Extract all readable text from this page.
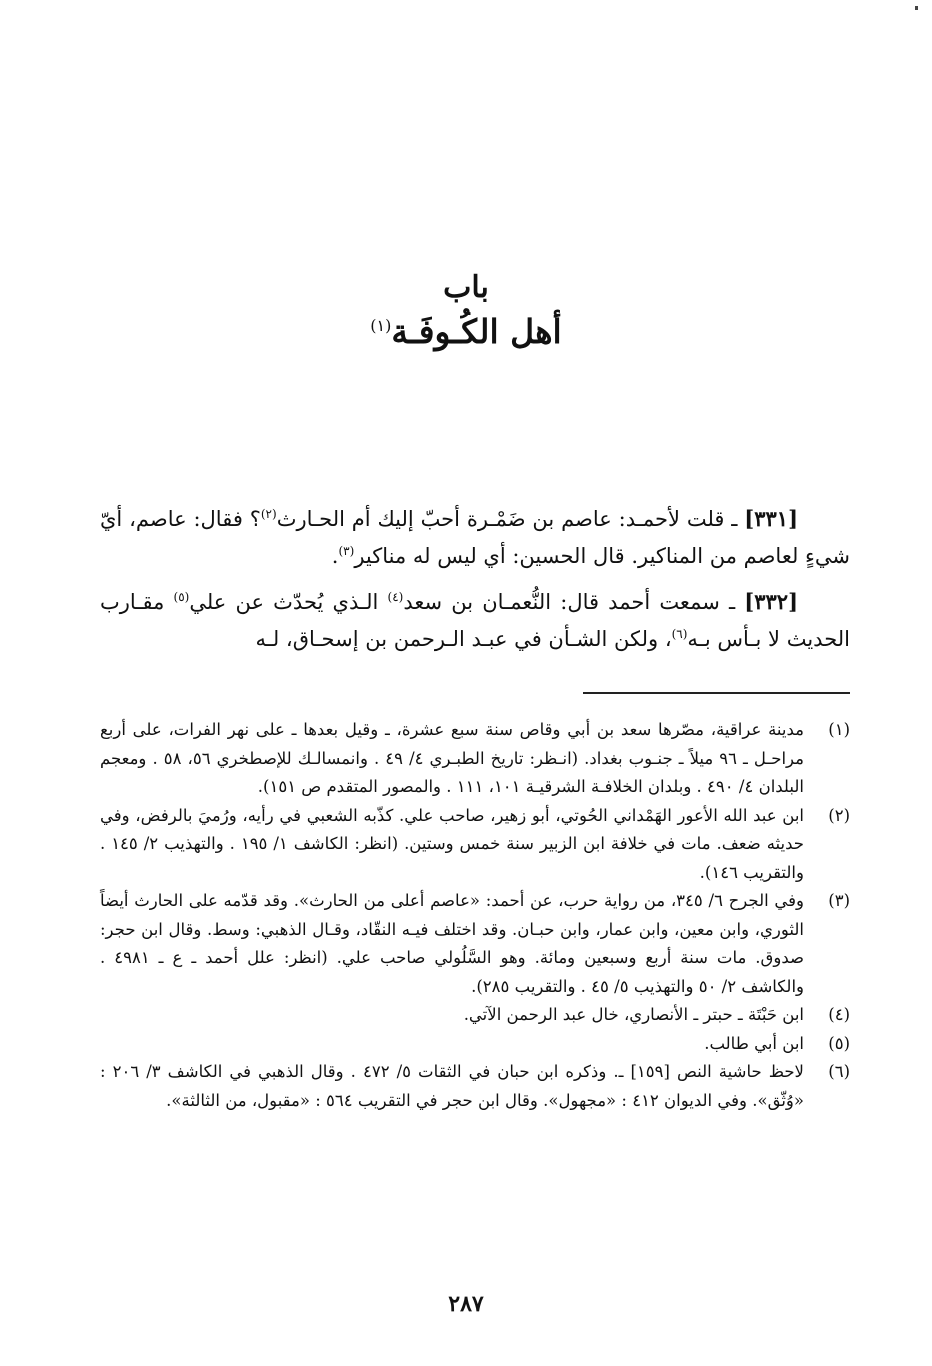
باب
أهل الكُـوفَـة$^{(١)}$

[٣٣١] ـ قلت لأحمـد: عاصم بن ضَمْـرة أحبّ إليك أم الحـارث$^{(٢)}$؟ فقال: عاصم، أيّ شيءٍ لعاصم من المناكير. قال الحسين: أي ليس له مناكير$^{(٣)}$.

[٣٣٢] ـ سمعت أحمد قال: النُّعمـان بن سعد$^{(٤)}$ الـذي يُحدّث عن علي$^{(٥)}$ مقـارب الحديث لا بـأس بـه$^{(٦)}$، ولكن الشـأن في عبـد الـرحمن بن إسحـاق، لـه

(١)
مدينة عراقية، مصّرها سعد بن أبي وقاص سنة سبع عشرة، ـ وقيل بعدها ـ على نهر الفرات، على أربع مراحـل ـ ٩٦ ميلاً ـ جنـوب بغداد. (انـظر: تاريخ الطبـري ٤/ ٤٩ . وانمسالـك للإصطخري ٥٦، ٥٨ . ومعجم البلدان ٤/ ٤٩٠ . وبلدان الخلافـة الشرقيـة ١٠١، ١١١ . والمصور المتقدم ص ١٥١).
(٢)
ابن عبد الله الأعور الهَمْداني الحُوتي، أبو زهير، صاحب علي. كذّبه الشعبي في رأيه، ورُميَ بالرفض، وفي حديثه ضعف. مات في خلافة ابن الزبير سنة خمس وستين. (انظر: الكاشف ١/ ١٩٥ . والتهذيب ٢/ ١٤٥ . والتقريب ١٤٦).
(٣)
وفي الجرح ٦/ ٣٤٥، من رواية حرب، عن أحمد: «عاصم أعلى من الحارث». وقد قدّمه على الحارث أيضاً الثوري، وابن معين، وابن عمار، وابن حبـان. وقد اختلف فيـه النقّاد، وقـال الذهبي: وسط. وقال ابن حجر: صدوق. مات سنة أربع وسبعين ومائة. وهو السَّلُولي صاحب علي. (انظر: علل أحمد ـ ع ـ ٤٩٨١ . والكاشف ٢/ ٥٠ والتهذيب ٥/ ٤٥ . والتقريب ٢٨٥).
(٤)
ابن حَبْتَة ـ حبتر ـ الأنصاري، خال عبد الرحمن الآتي.
(٥)
ابن أبي طالب.
(٦)
لاحظ حاشية النص [١٥٩] ـ. وذكره ابن حبان في الثقات ٥/ ٤٧٢ . وقال الذهبي في الكاشف ٣/ ٢٠٦ : «وُثّق». وفي الديوان ٤١٢ : «مجهول». وقال ابن حجر في التقريب ٥٦٤ : «مقبول، من الثالثة».
٢٨٧
